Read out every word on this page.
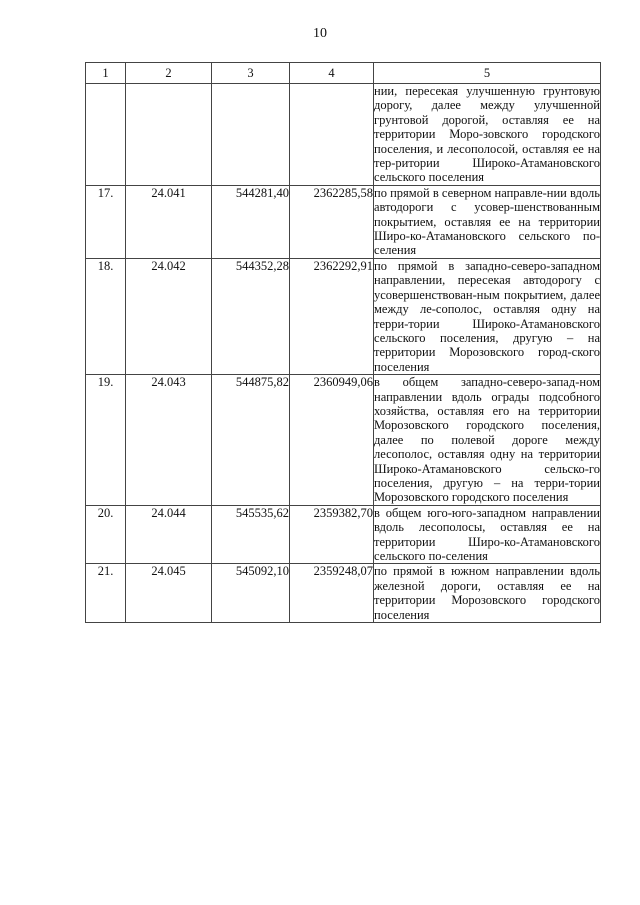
10
1	2	3	4	5
				нии, пересекая улучшенную грунтовую дорогу, далее между улучшенной грунтовой дорогой, оставляя ее на территории Моро-зовского городского поселения, и лесополосой, оставляя ее на тер-ритории Широко-Атамановского сельского поселения
17.	24.041	544281,40	2362285,58	по прямой в северном направле-нии вдоль автодороги с усовер-шенствованным покрытием, оставляя ее на территории Широ-ко-Атамановского сельского по-селения
18.	24.042	544352,28	2362292,91	по прямой в западно-северо-западном направлении, пересекая автодорогу с усовершенствован-ным покрытием, далее между ле-сополос, оставляя одну на терри-тории Широко-Атамановского сельского поселения, другую – на территории Морозовского город-ского поселения
19.	24.043	544875,82	2360949,06	в общем западно-северо-запад-ном направлении вдоль ограды подсобного хозяйства, оставляя его на территории Морозовского городского поселения, далее по полевой дороге между лесополос, оставляя одну на территории Широко-Атамановского сельско-го поселения, другую – на терри-тории Морозовского городского поселения
20.	24.044	545535,62	2359382,70	в общем юго-юго-западном направлении вдоль лесополосы, оставляя ее на территории Широ-ко-Атамановского сельского по-селения
21.	24.045	545092,10	2359248,07	по прямой в южном направлении вдоль железной дороги, оставляя ее на территории Морозовского городского поселения
